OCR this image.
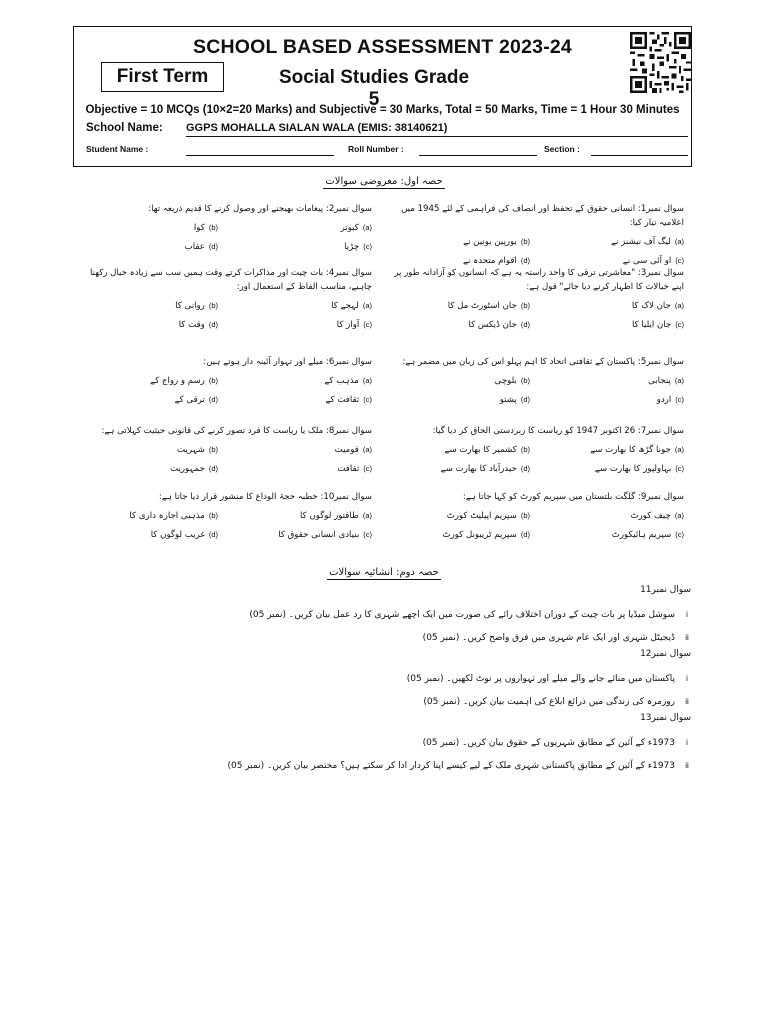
SCHOOL BASED ASSESSMENT 2023-24
First Term	Social Studies Grade 5
Objective = 10 MCQs (10×2=20 Marks) and Subjective = 30 Marks, Total = 50 Marks, Time = 1 Hour 30 Minutes
School Name: GGPS MOHALLA SIALAN WALA (EMIS: 38140621)
Student Name :	Roll Number :	Section :
حصہ اول: معروضی سوالات
سوال نمبر1: انسانی حقوق کے تحفظ اور انصاف کی فراہمی کے لئے 1945 میں اعلامیہ تیار کیا:
(a)
لیگ آف نیشنز نے
(b)
یورپین یونین نے
(c)
او آئی سی نے
(d)
اقوام متحدہ نے
سوال نمبر3: "معاشرتی ترقی کا واحد راستہ یہ ہے کہ انسانوں کو آزادانہ طور پر اپنے خیالات کا اظہار کرنے دیا جائے" قول ہے:
(a)
جان لاک کا
(b)
جان اسٹورٹ مل کا
(c)
جان ایلیا کا
(d)
جان ڈیکس کا
سوال نمبر5: پاکستان کے ثقافتی اتحاد کا اہم پہلو اس کی زبان میں مضمر ہے:
(a)
پنجابی
(b)
بلوچی
(c)
اردو
(d)
پشتو
سوال نمبر7: 26 اکتوبر 1947 کو ریاست کا زبردستی الحاق کر دیا گیا:
(a)
جونا گڑھ کا بھارت سے
(b)
کشمیر کا بھارت سے
(c)
بہاولپور کا بھارت سے
(d)
حیدرآباد کا بھارت سے
سوال نمبر9: گلگت بلتستان میں سپریم کورٹ کو کہا جاتا ہے:
(a)
چیف کورٹ
(b)
سپریم اپیلیٹ کورٹ
(c)
سپریم ہائیکورٹ
(d)
سپریم ٹریبونل کورٹ
سوال نمبر2: پیغامات بھیجنے اور وصول کرنے کا قدیم ذریعہ تھا:
(a)
کبوتر
(b)
کوا
(c)
چڑیا
(d)
عقاب
سوال نمبر4: بات چیت اور مذاکرات کرتے وقت ہمیں سب سے زیادہ خیال رکھنا چاہیے، مناسب الفاظ کے استعمال اور:
(a)
لہجے کا
(b)
روانی کا
(c)
آواز کا
(d)
وقت کا
سوال نمبر6: میلے اور تہوار آئینہ دار ہوتے ہیں:
(a)
مذہب کے
(b)
رسم و رواج کے
(c)
ثقافت کے
(d)
ترقی کے
سوال نمبر8: ملک یا ریاست کا فرد تصور کرنے کی قانونی حیثیت کہلاتی ہے:
(a)
قومیت
(b)
شہریت
(c)
ثقافت
(d)
جمہوریت
سوال نمبر10: خطبہ حجۃ الوداع کا منشور قرار دیا جاتا ہے:
(a)
طاقتور لوگوں کا
(b)
مذہبی اجارہ داری کا
(c)
بنیادی انسانی حقوق کا
(d)
غریب لوگوں کا
حصہ دوم: انشائیہ سوالات
سوال نمبر11
i
سوشل میڈیا پر بات چیت کے دوران اختلاف رائے کی صورت میں ایک اچھے شہری کا رد عمل بیان کریں۔ (نمبر 05)
ii
ڈیجیٹل شہری اور ایک عام شہری میں فرق واضح کریں۔ (نمبر 05)
سوال نمبر12
i
پاکستان میں منائے جانے والے میلے اور تہواروں پر نوٹ لکھیں۔ (نمبر 05)
ii
روزمرہ کی زندگی میں ذرائع ابلاغ کی اہمیت بیان کریں۔ (نمبر 05)
سوال نمبر13
i
1973ء کے آئین کے مطابق شہریوں کے حقوق بیان کریں۔ (نمبر 05)
ii
1973ء کے آئین کے مطابق پاکستانی شہری ملک کے لیے کیسے اپنا کردار ادا کر سکتے ہیں؟ مختصر بیان کریں۔ (نمبر 05)
